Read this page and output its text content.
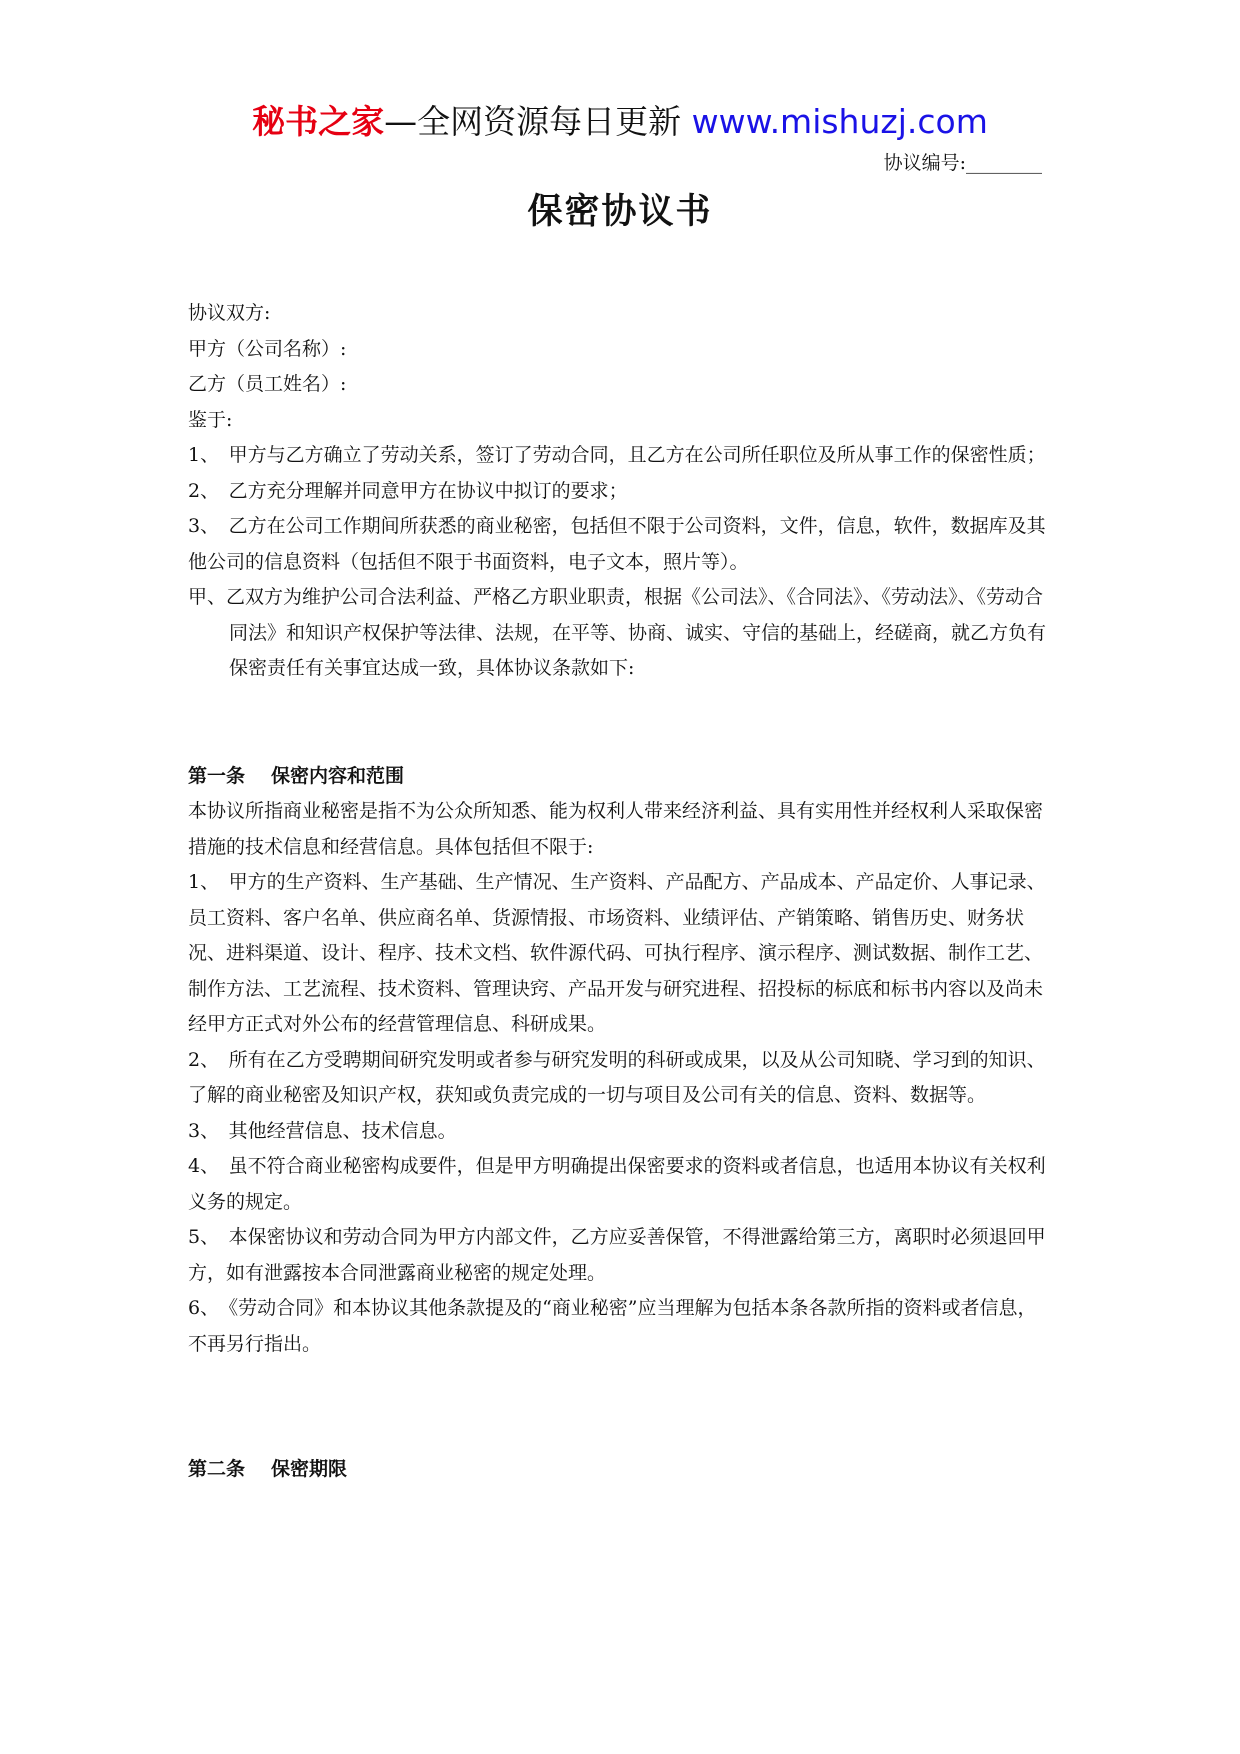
秘书之家—全网资源每日更新 www.mishuzj.com
协议编号:________
保密协议书

协议双方:

甲方（公司名称）:

乙方（员工姓名）:

鉴于:

1、　甲方与乙方确立了劳动关系，签订了劳动合同，且乙方在公司所任职位及所从事工作的保密性质；

2、　乙方充分理解并同意甲方在协议中拟订的要求；

3、　乙方在公司工作期间所获悉的商业秘密，包括但不限于公司资料，文件，信息，软件，数据库及其他公司的信息资料（包括但不限于书面资料，电子文本，照片等）。

甲、乙双方为维护公司合法利益、严格乙方职业职责，根据《公司法》、《合同法》、《劳动法》、《劳动合同法》和知识产权保护等法律、法规，在平等、协商、诚实、守信的基础上，经磋商，就乙方负有保密责任有关事宜达成一致，具体协议条款如下:

第一条 保密内容和范围

本协议所指商业秘密是指不为公众所知悉、能为权利人带来经济利益、具有实用性并经权利人采取保密措施的技术信息和经营信息。具体包括但不限于:

1、　甲方的生产资料、生产基础、生产情况、生产资料、产品配方、产品成本、产品定价、人事记录、员工资料、客户名单、供应商名单、货源情报、市场资料、业绩评估、产销策略、销售历史、财务状况、进料渠道、设计、程序、技术文档、软件源代码、可执行程序、演示程序、测试数据、制作工艺、制作方法、工艺流程、技术资料、管理诀窍、产品开发与研究进程、招投标的标底和标书内容以及尚未经甲方正式对外公布的经营管理信息、科研成果。

2、　所有在乙方受聘期间研究发明或者参与研究发明的科研或成果，以及从公司知晓、学习到的知识、了解的商业秘密及知识产权，获知或负责完成的一切与项目及公司有关的信息、资料、数据等。

3、　其他经营信息、技术信息。

4、　虽不符合商业秘密构成要件，但是甲方明确提出保密要求的资料或者信息，也适用本协议有关权利义务的规定。

5、　本保密协议和劳动合同为甲方内部文件，乙方应妥善保管，不得泄露给第三方，离职时必须退回甲方，如有泄露按本合同泄露商业秘密的规定处理。

6、　《劳动合同》和本协议其他条款提及的“商业秘密”应当理解为包括本条各款所指的资料或者信息，不再另行指出。

第二条 保密期限
